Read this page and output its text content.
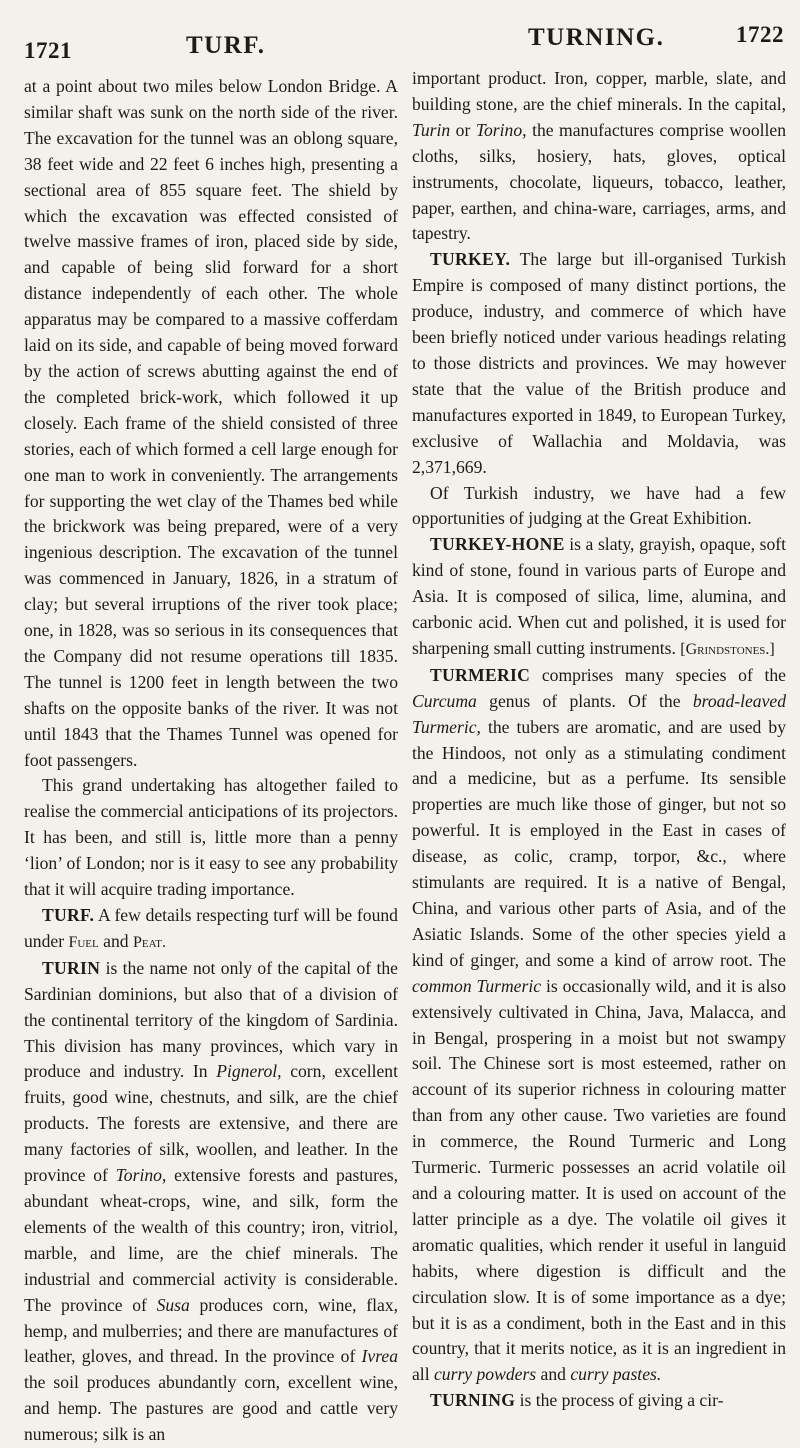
1721	TURF.	TURNING.	1722

at a point about two miles below London Bridge. A similar shaft was sunk on the north side of the river. The excavation for the tunnel was an oblong square, 38 feet wide and 22 feet 6 inches high, presenting a sectional area of 855 square feet. The shield by which the excavation was effected consisted of twelve massive frames of iron, placed side by side, and capable of being slid forward for a short distance independently of each other. The whole apparatus may be compared to a massive cofferdam laid on its side, and capable of being moved forward by the action of screws abutting against the end of the completed brick-work, which followed it up closely. Each frame of the shield consisted of three stories, each of which formed a cell large enough for one man to work in conveniently. The arrangements for supporting the wet clay of the Thames bed while the brickwork was being prepared, were of a very ingenious description. The excavation of the tunnel was commenced in January, 1826, in a stratum of clay; but several irruptions of the river took place; one, in 1828, was so serious in its consequences that the Company did not resume operations till 1835. The tunnel is 1200 feet in length between the two shafts on the opposite banks of the river. It was not until 1843 that the Thames Tunnel was opened for foot passengers.

This grand undertaking has altogether failed to realise the commercial anticipations of its projectors. It has been, and still is, little more than a penny ‘lion’ of London; nor is it easy to see any probability that it will acquire trading importance.

TURF. A few details respecting turf will be found under Fuel and Peat.

TURIN is the name not only of the capital of the Sardinian dominions, but also that of a division of the continental territory of the kingdom of Sardinia. This division has many provinces, which vary in produce and industry. In Pignerol, corn, excellent fruits, good wine, chestnuts, and silk, are the chief products. The forests are extensive, and there are many factories of silk, woollen, and leather. In the province of Torino, extensive forests and pastures, abundant wheat-crops, wine, and silk, form the elements of the wealth of this country; iron, vitriol, marble, and lime, are the chief minerals. The industrial and commercial activity is considerable. The province of Susa produces corn, wine, flax, hemp, and mulberries; and there are manufactures of leather, gloves, and thread. In the province of Ivrea the soil produces abundantly corn, excellent wine, and hemp. The pastures are good and cattle very numerous; silk is an

important product. Iron, copper, marble, slate, and building stone, are the chief minerals. In the capital, Turin or Torino, the manufactures comprise woollen cloths, silks, hosiery, hats, gloves, optical instruments, chocolate, liqueurs, tobacco, leather, paper, earthen, and china-ware, carriages, arms, and tapestry.

TURKEY. The large but ill-organised Turkish Empire is composed of many distinct portions, the produce, industry, and commerce of which have been briefly noticed under various headings relating to those districts and provinces. We may however state that the value of the British produce and manufactures exported in 1849, to European Turkey, exclusive of Wallachia and Moldavia, was 2,371,669.

Of Turkish industry, we have had a few opportunities of judging at the Great Exhibition.

TURKEY-HONE is a slaty, grayish, opaque, soft kind of stone, found in various parts of Europe and Asia. It is composed of silica, lime, alumina, and carbonic acid. When cut and polished, it is used for sharpening small cutting instruments. [Grindstones.]

TURMERIC comprises many species of the Curcuma genus of plants. Of the broad-leaved Turmeric, the tubers are aromatic, and are used by the Hindoos, not only as a stimulating condiment and a medicine, but as a perfume. Its sensible properties are much like those of ginger, but not so powerful. It is employed in the East in cases of disease, as colic, cramp, torpor, &c., where stimulants are required. It is a native of Bengal, China, and various other parts of Asia, and of the Asiatic Islands. Some of the other species yield a kind of ginger, and some a kind of arrow root. The common Turmeric is occasionally wild, and it is also extensively cultivated in China, Java, Malacca, and in Bengal, prospering in a moist but not swampy soil. The Chinese sort is most esteemed, rather on account of its superior richness in colouring matter than from any other cause. Two varieties are found in commerce, the Round Turmeric and Long Turmeric. Turmeric possesses an acrid volatile oil and a colouring matter. It is used on account of the latter principle as a dye. The volatile oil gives it aromatic qualities, which render it useful in languid habits, where digestion is difficult and the circulation slow. It is of some importance as a dye; but it is as a condiment, both in the East and in this country, that it merits notice, as it is an ingredient in all curry powders and curry pastes.

TURNING is the process of giving a cir-
